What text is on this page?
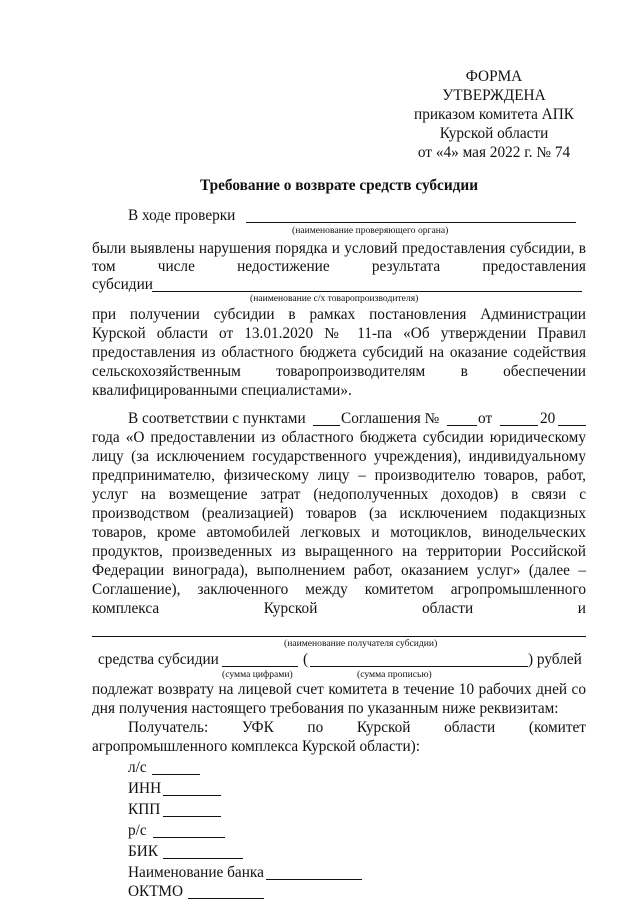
ФОРМА
УТВЕРЖДЕНА
приказом комитета АПК
Курской области
от «4» мая 2022 г. № 74
Требование о возврате средств субсидии
В ходе проверки
(наименование проверяющего органа)
были выявлены нарушения порядка и условий предоставления субсидии, в
том	числе	недостижение	результата	предоставления
субсидии
(наименование с/х товаропроизводителя)
при получении субсидии в рамках постановления Администрации
Курской области от 13.01.2020 № 11-па «Об утверждении Правил
предоставления из областного бюджета субсидий на оказание содействия
сельскохозяйственным товаропроизводителям в обеспечении
квалифицированными специалистами».
В соответствии с пунктами Соглашения №	от	20
года «О предоставлении из областного бюджета субсидии юридическому
лицу (за исключением государственного учреждения), индивидуальному
предпринимателю, физическому лицу – производителю товаров, работ,
услуг на возмещение затрат (недополученных доходов) в связи с
производством (реализацией) товаров (за исключением подакцизных
товаров, кроме автомобилей легковых и мотоциклов, винодельческих
продуктов, произведенных из выращенного на территории Российской
Федерации винограда), выполнением работ, оказанием услуг» (далее –
Соглашение), заключенного между комитетом агропромышленного
комплекса	Курской	области	и
(наименование получателя субсидии)
средства субсидии	(	) рублей
(сумма цифрами)	(сумма прописью)
подлежат возврату на лицевой счет комитета в течение 10 рабочих дней со
дня получения настоящего требования по указанным ниже реквизитам:
Получатель: УФК по Курской области (комитет
агропромышленного комплекса Курской области):
л/с
ИНН
КПП
р/с
БИК
Наименование банка
ОКТМО
